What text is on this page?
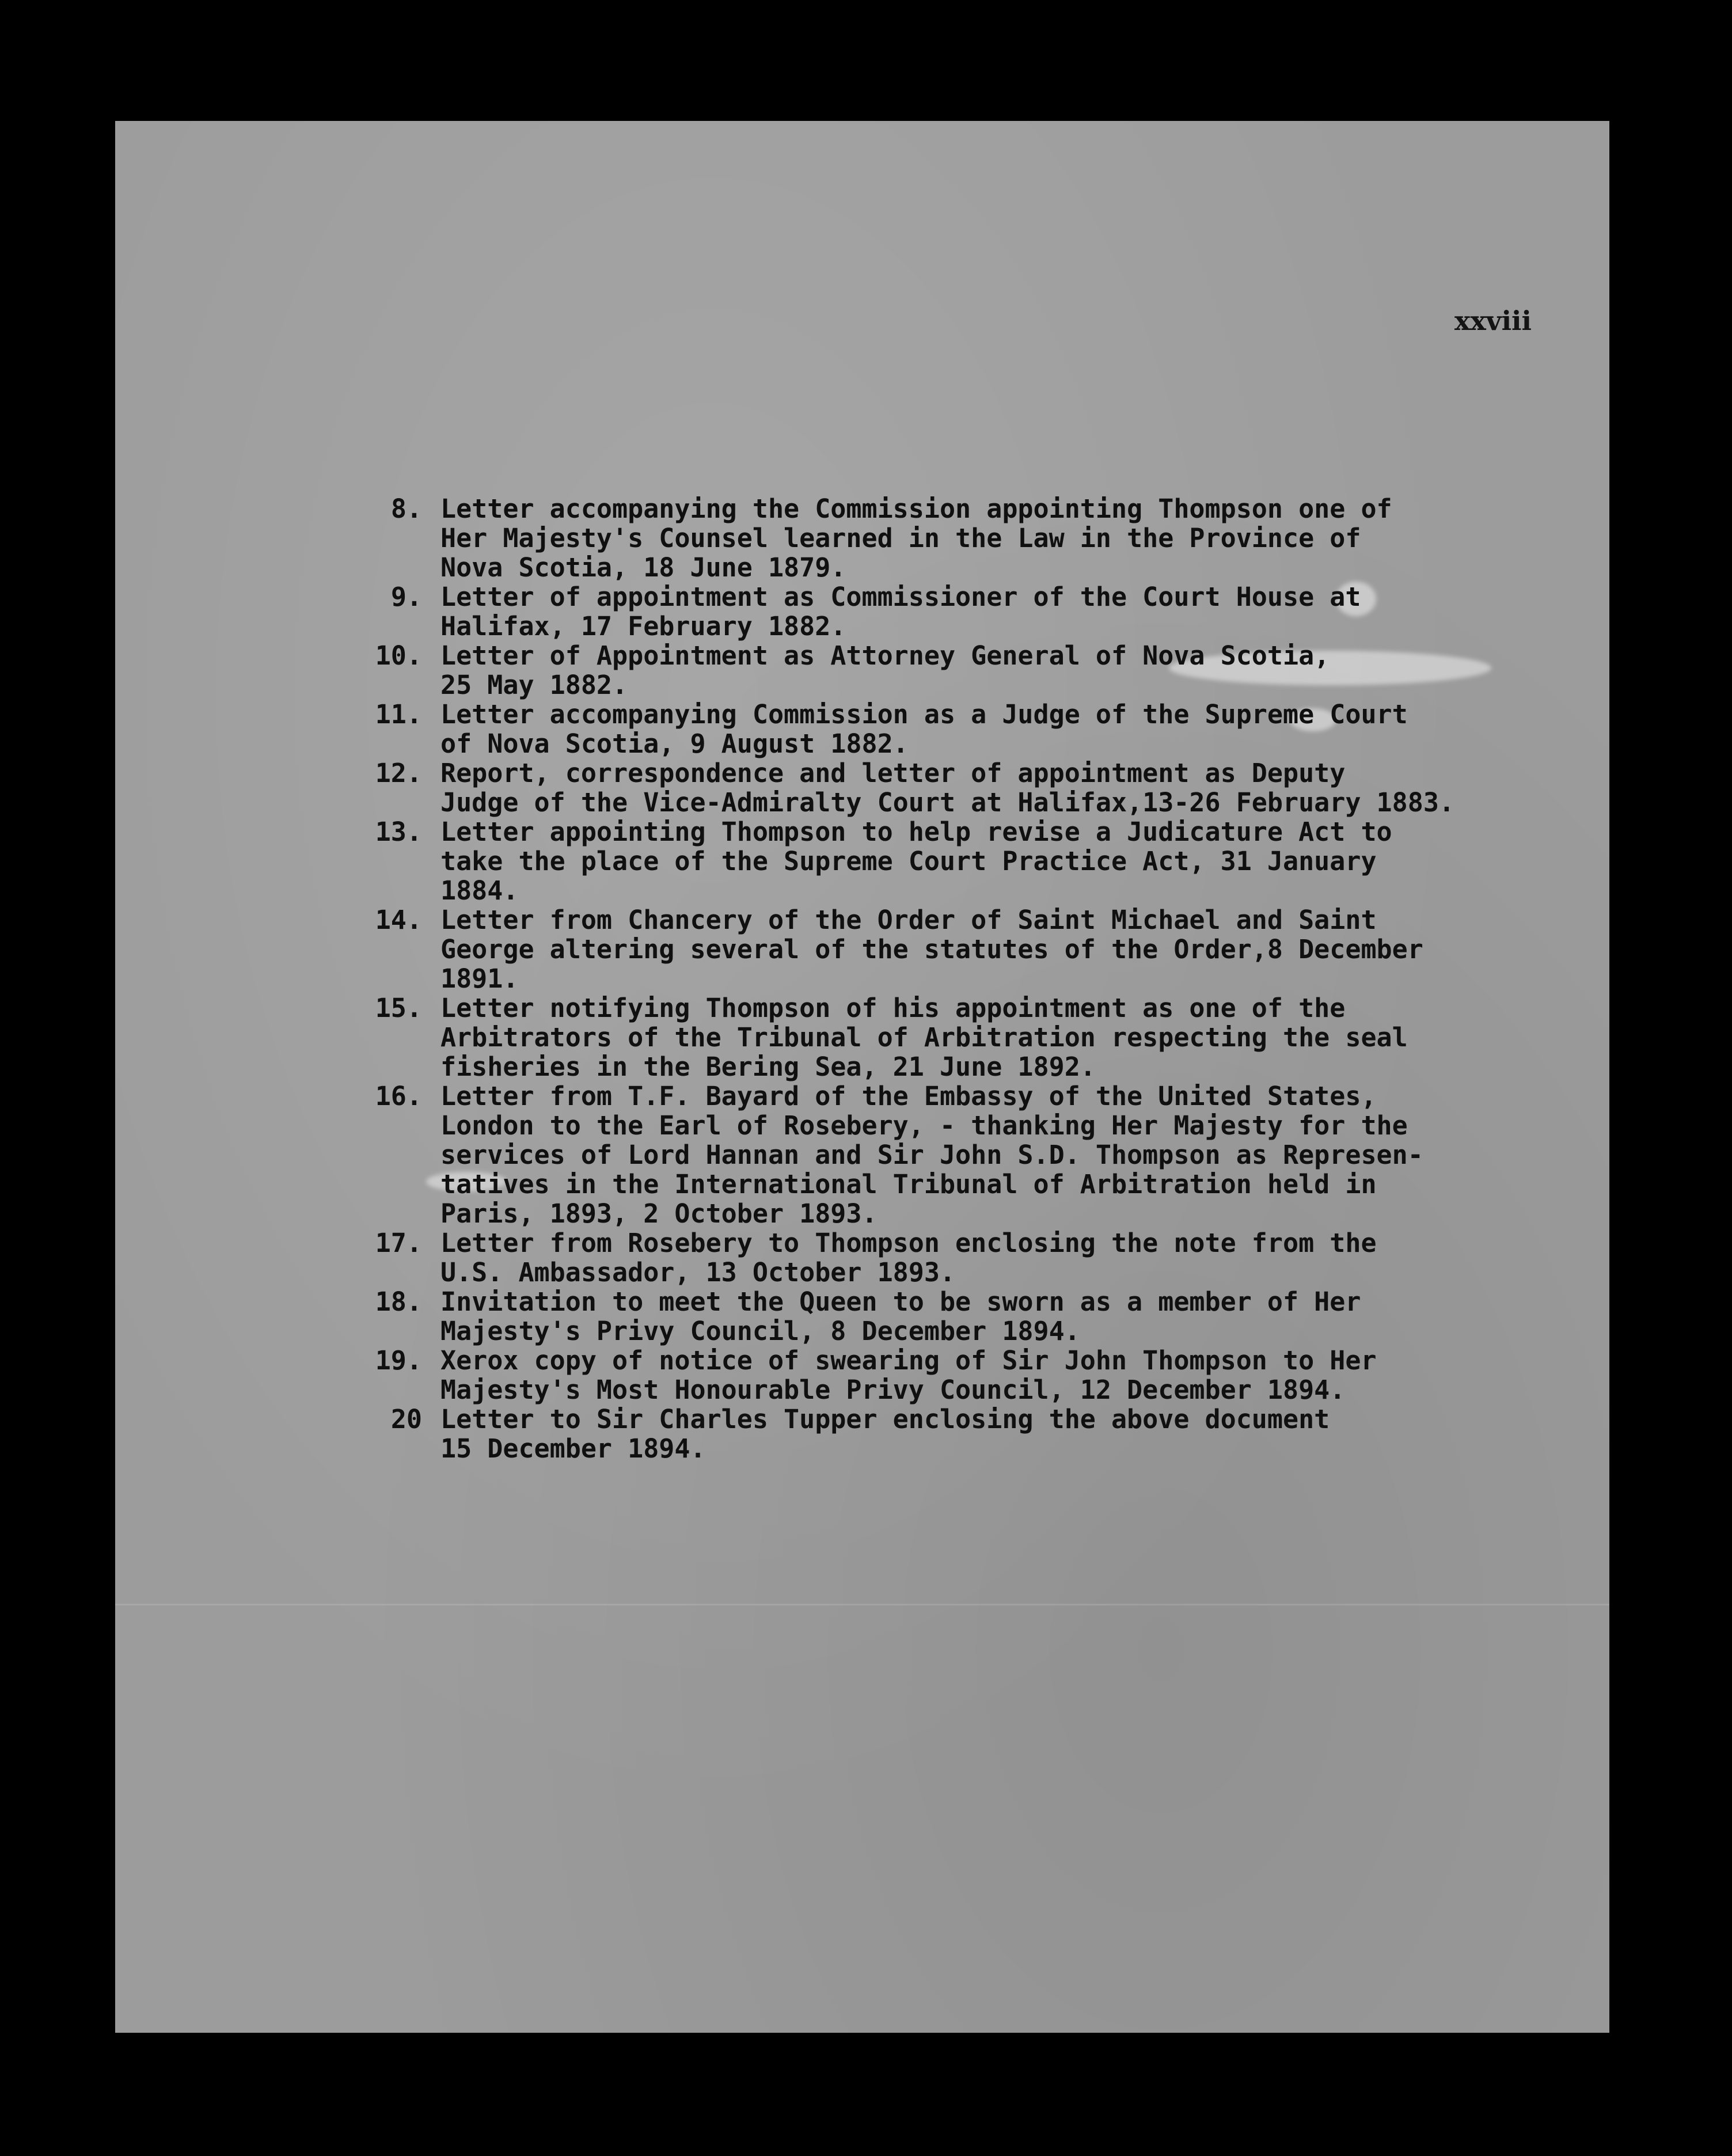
xxviii
8. Letter accompanying the Commission appointing Thompson one of
Her Majesty's Counsel learned in the Law in the Province of
Nova Scotia, 18 June 1879.
9. Letter of appointment as Commissioner of the Court House at
Halifax, 17 February 1882.
10. Letter of Appointment as Attorney General of Nova Scotia,
25 May 1882.
11. Letter accompanying Commission as a Judge of the Supreme Court
of Nova Scotia, 9 August 1882.
12. Report, correspondence and letter of appointment as Deputy
Judge of the Vice-Admiralty Court at Halifax,13-26 February 1883.
13. Letter appointing Thompson to help revise a Judicature Act to
take the place of the Supreme Court Practice Act, 31 January
1884.
14. Letter from Chancery of the Order of Saint Michael and Saint
George altering several of the statutes of the Order,8 December
1891.
15. Letter notifying Thompson of his appointment as one of the
Arbitrators of the Tribunal of Arbitration respecting the seal
fisheries in the Bering Sea, 21 June 1892.
16. Letter from T.F. Bayard of the Embassy of the United States,
London to the Earl of Rosebery, - thanking Her Majesty for the
services of Lord Hannan and Sir John S.D. Thompson as Represen-
tatives in the International Tribunal of Arbitration held in
Paris, 1893, 2 October 1893.
17. Letter from Rosebery to Thompson enclosing the note from the
U.S. Ambassador, 13 October 1893.
18. Invitation to meet the Queen to be sworn as a member of Her
Majesty's Privy Council, 8 December 1894.
19. Xerox copy of notice of swearing of Sir John Thompson to Her
Majesty's Most Honourable Privy Council, 12 December 1894.
20 Letter to Sir Charles Tupper enclosing the above document
15 December 1894.
